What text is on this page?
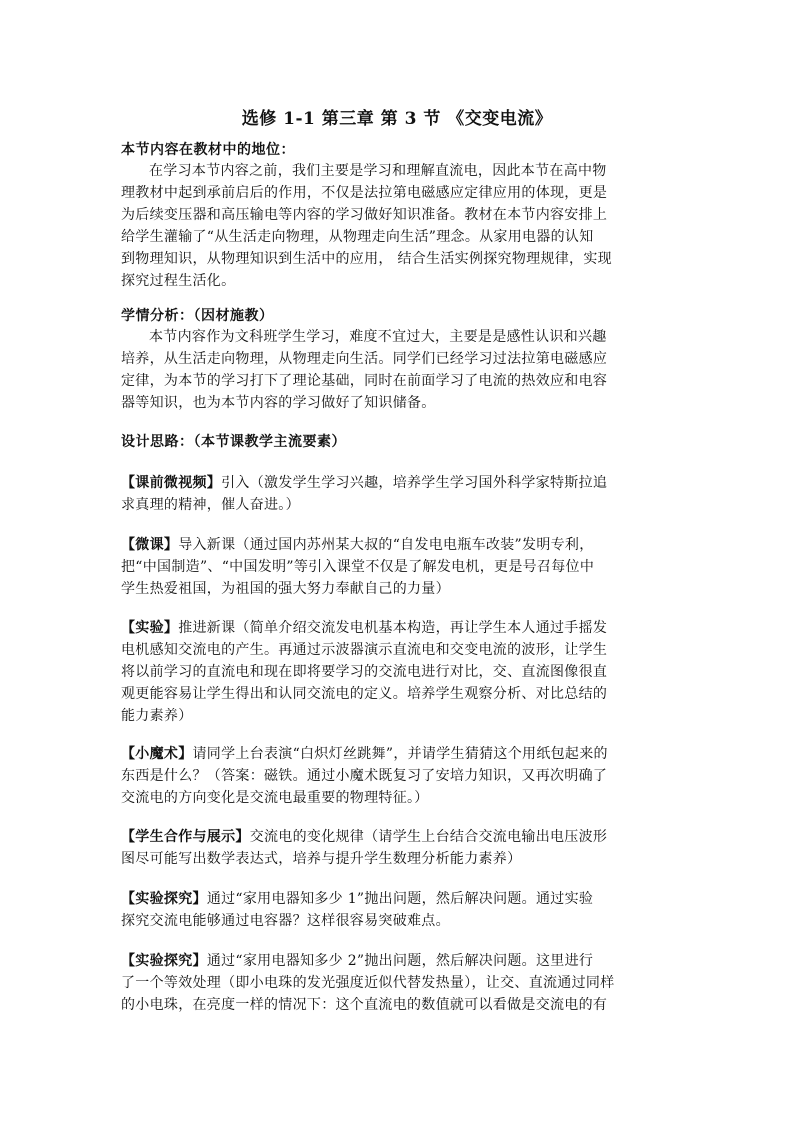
选修 1-1 第三章 第 3 节 《交变电流》
本节内容在教材中的地位：
在学习本节内容之前，我们主要是学习和理解直流电，因此本节在高中物
理教材中起到承前启后的作用，不仅是法拉第电磁感应定律应用的体现，更是
为后续变压器和高压输电等内容的学习做好知识准备。教材在本节内容安排上
给学生灌输了“从生活走向物理，从物理走向生活”理念。从家用电器的认知
到物理知识，从物理知识到生活中的应用， 结合生活实例探究物理规律，实现
探究过程生活化。
学情分析：（因材施教）
本节内容作为文科班学生学习，难度不宜过大，主要是是感性认识和兴趣
培养，从生活走向物理，从物理走向生活。同学们已经学习过法拉第电磁感应
定律，为本节的学习打下了理论基础，同时在前面学习了电流的热效应和电容
器等知识，也为本节内容的学习做好了知识储备。
设计思路：（本节课教学主流要素）
【课前微视频】引入（激发学生学习兴趣，培养学生学习国外科学家特斯拉追
求真理的精神，催人奋进。）
【微课】导入新课（通过国内苏州某大叔的“自发电电瓶车改装”发明专利，
把“中国制造”、“中国发明”等引入课堂不仅是了解发电机，更是号召每位中
学生热爱祖国，为祖国的强大努力奉献自己的力量）
【实验】推进新课（简单介绍交流发电机基本构造，再让学生本人通过手摇发
电机感知交流电的产生。再通过示波器演示直流电和交变电流的波形，让学生
将以前学习的直流电和现在即将要学习的交流电进行对比，交、直流图像很直
观更能容易让学生得出和认同交流电的定义。培养学生观察分析、对比总结的
能力素养）
【小魔术】请同学上台表演“白炽灯丝跳舞”，并请学生猜猜这个用纸包起来的
东西是什么？（答案：磁铁。通过小魔术既复习了安培力知识，又再次明确了
交流电的方向变化是交流电最重要的物理特征。）
【学生合作与展示】交流电的变化规律（请学生上台结合交流电输出电压波形
图尽可能写出数学表达式，培养与提升学生数理分析能力素养）
【实验探究】通过“家用电器知多少 1”抛出问题，然后解决问题。通过实验
探究交流电能够通过电容器？这样很容易突破难点。
【实验探究】通过“家用电器知多少 2”抛出问题，然后解决问题。这里进行
了一个等效处理（即小电珠的发光强度近似代替发热量），让交、直流通过同样
的小电珠，在亮度一样的情况下：这个直流电的数值就可以看做是交流电的有
